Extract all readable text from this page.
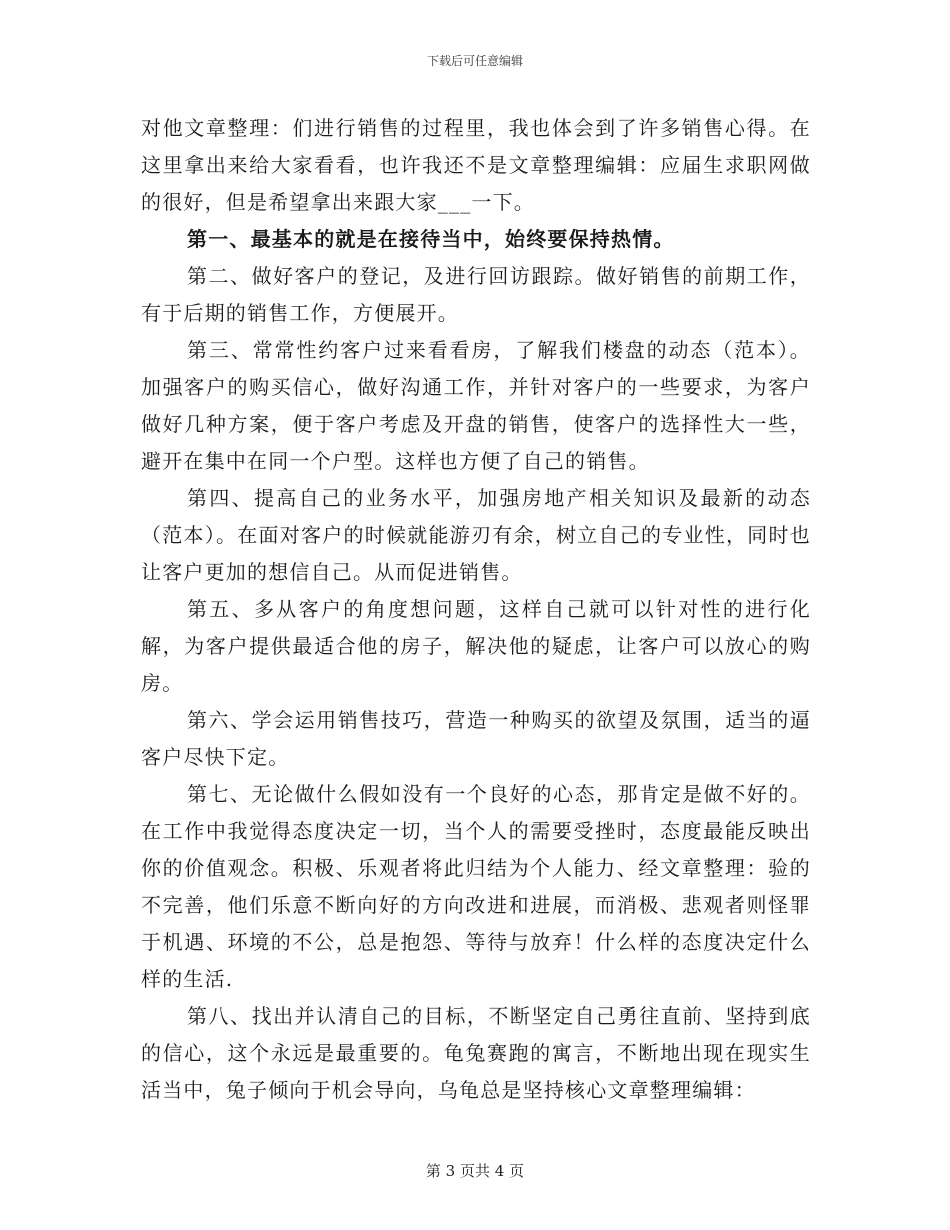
下载后可任意编辑

对他文章整理：们进行销售的过程里，我也体会到了许多销售心得。在这里拿出来给大家看看，也许我还不是文章整理编辑：应届生求职网做的很好，但是希望拿出来跟大家___一下。

第一、最基本的就是在接待当中，始终要保持热情。

第二、做好客户的登记，及进行回访跟踪。做好销售的前期工作，有于后期的销售工作，方便展开。

第三、常常性约客户过来看看房，了解我们楼盘的动态（范本）。加强客户的购买信心，做好沟通工作，并针对客户的一些要求，为客户做好几种方案，便于客户考虑及开盘的销售，使客户的选择性大一些，避开在集中在同一个户型。这样也方便了自己的销售。

第四、提高自己的业务水平，加强房地产相关知识及最新的动态（范本）。在面对客户的时候就能游刃有余，树立自己的专业性，同时也让客户更加的想信自己。从而促进销售。

第五、多从客户的角度想问题，这样自己就可以针对性的进行化解，为客户提供最适合他的房子，解决他的疑虑，让客户可以放心的购房。

第六、学会运用销售技巧，营造一种购买的欲望及氛围，适当的逼客户尽快下定。

第七、无论做什么假如没有一个良好的心态，那肯定是做不好的。在工作中我觉得态度决定一切，当个人的需要受挫时，态度最能反映出你的价值观念。积极、乐观者将此归结为个人能力、经文章整理：验的不完善，他们乐意不断向好的方向改进和进展，而消极、悲观者则怪罪于机遇、环境的不公，总是抱怨、等待与放弃！什么样的态度决定什么样的生活.

第八、找出并认清自己的目标，不断坚定自己勇往直前、坚持到底的信心，这个永远是最重要的。龟兔赛跑的寓言，不断地出现在现实生活当中，兔子倾向于机会导向，乌龟总是坚持核心文章整理编辑：

第 3 页共 4 页
